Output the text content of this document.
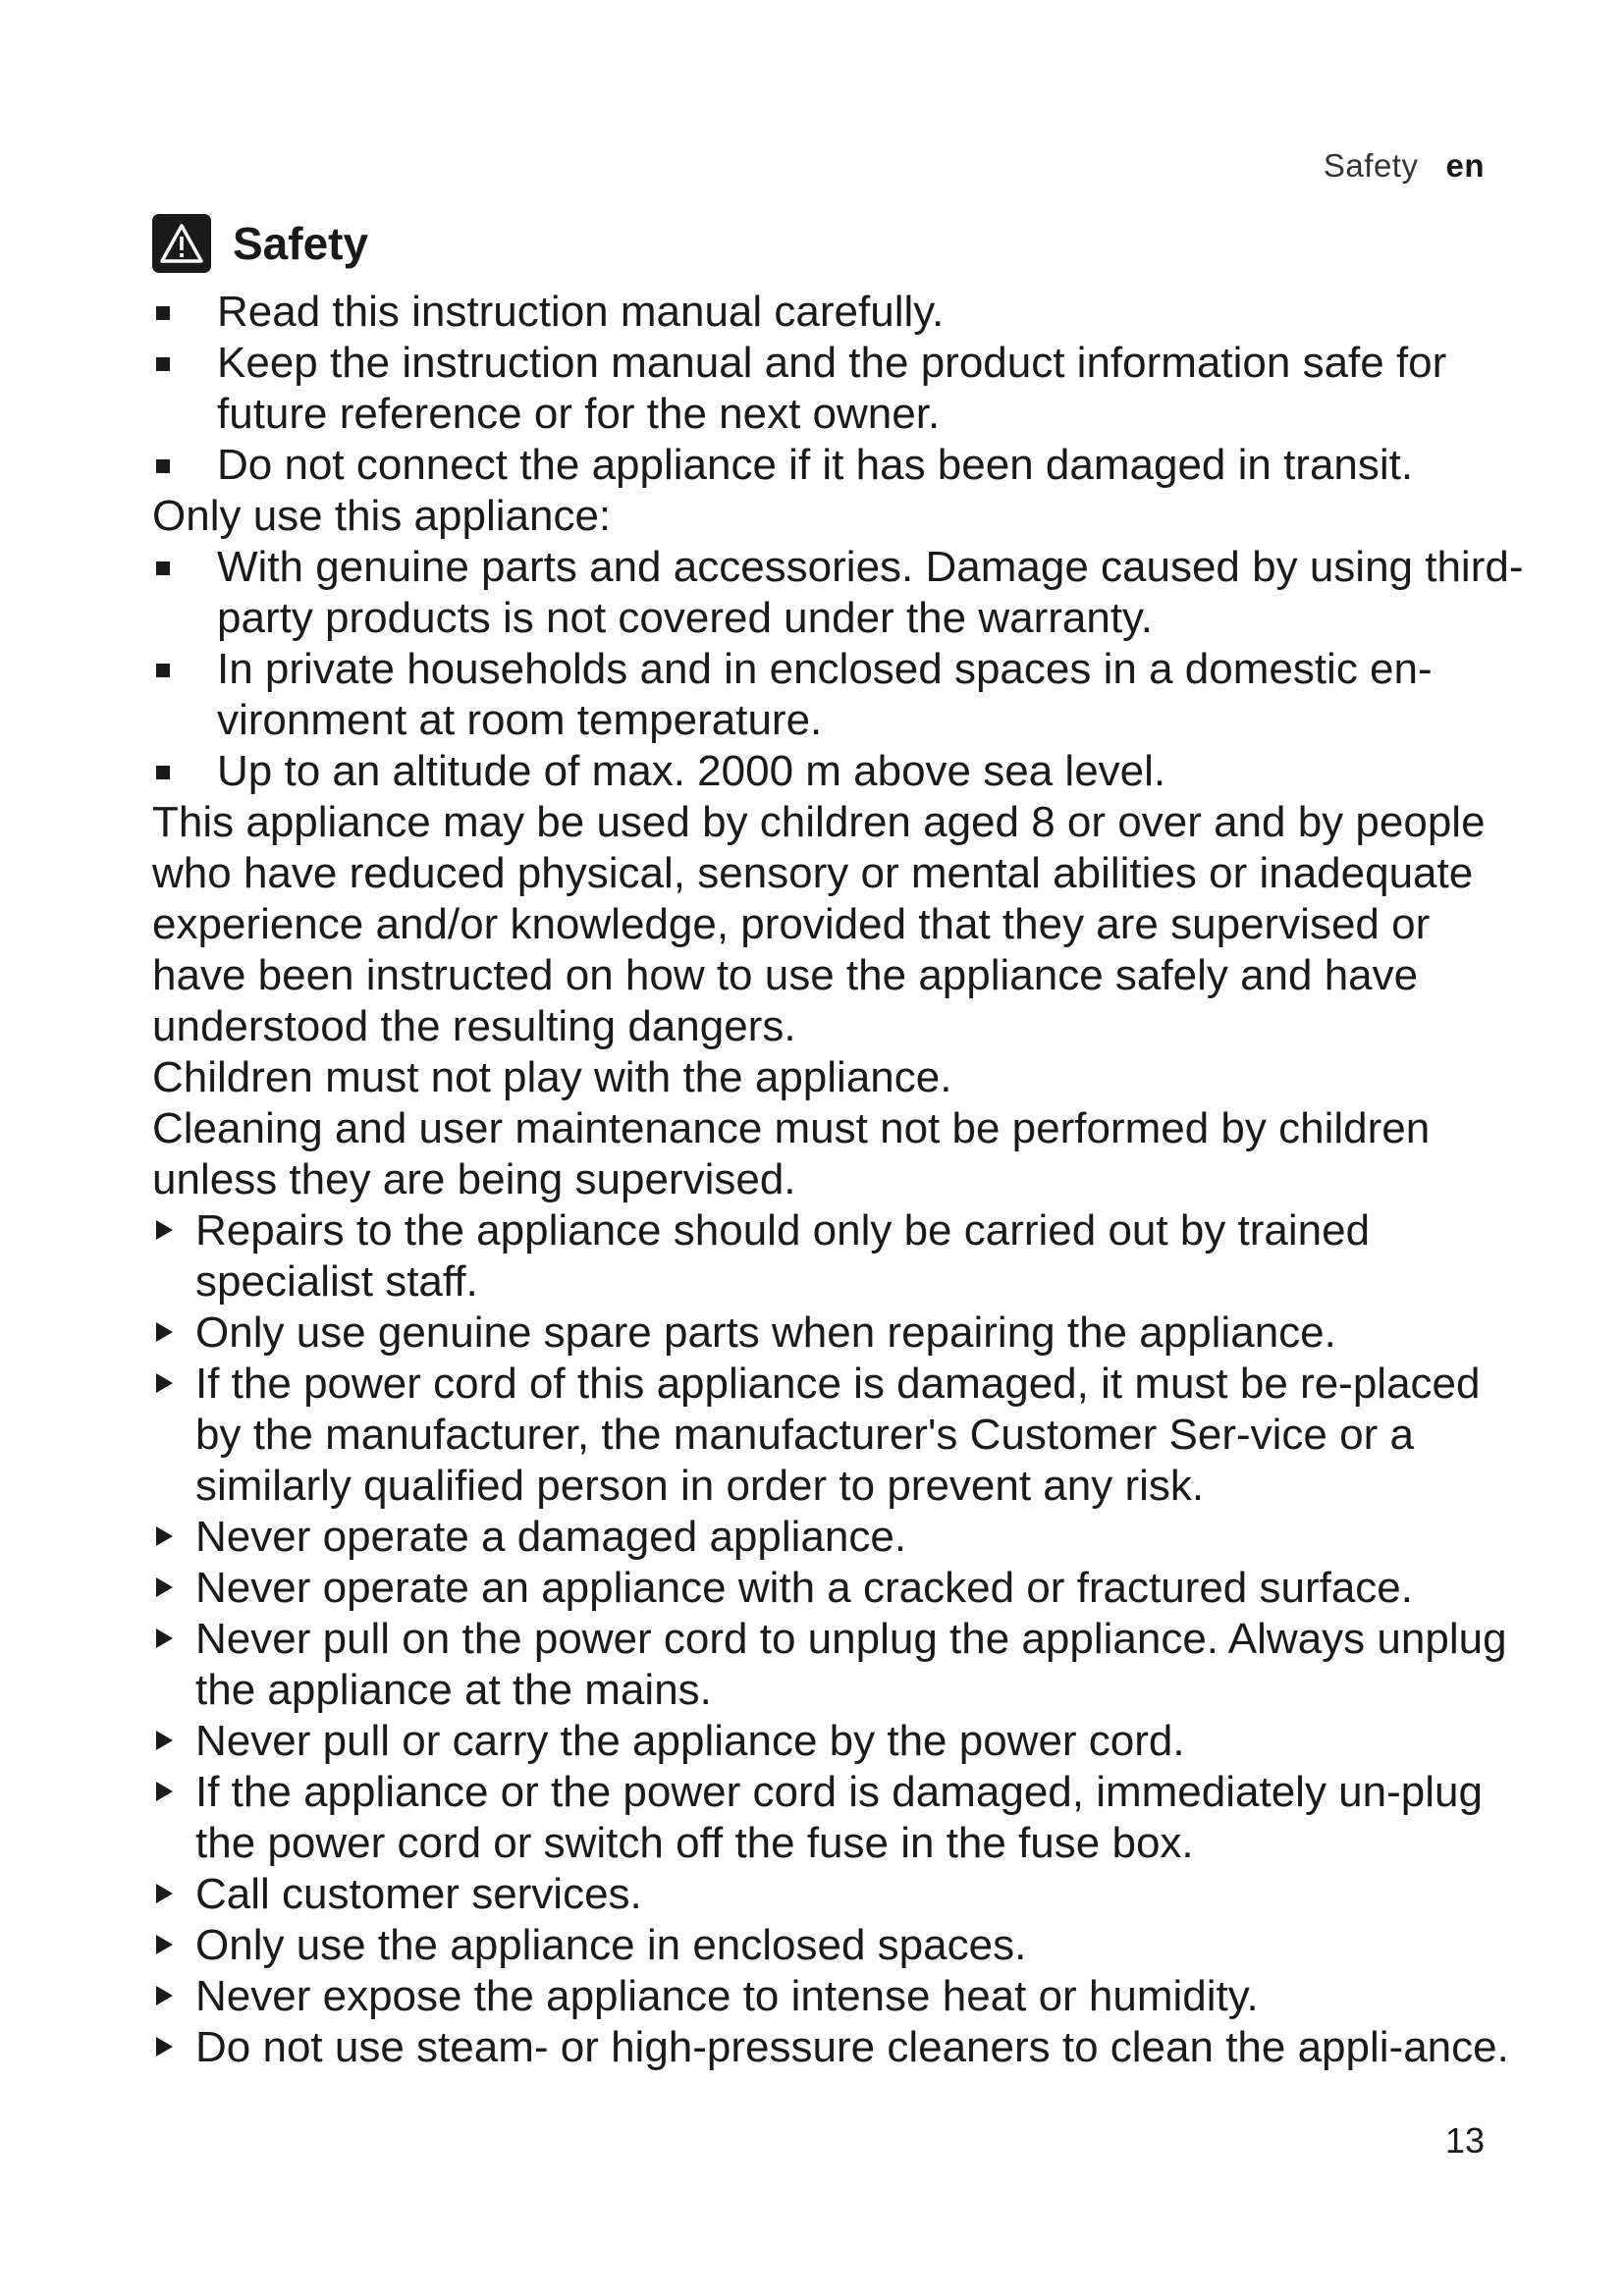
Safety en
Safety
Read this instruction manual carefully.
Keep the instruction manual and the product information safe for future reference or for the next owner.
Do not connect the appliance if it has been damaged in transit.

Only use this appliance:

With genuine parts and accessories. Damage caused by using third-party products is not covered under the warranty.
In private households and in enclosed spaces in a domestic en-vironment at room temperature.
Up to an altitude of max. 2000 m above sea level.

This appliance may be used by children aged 8 or over and by people who have reduced physical, sensory or mental abilities or inadequate experience and/or knowledge, provided that they are supervised or have been instructed on how to use the appliance safely and have understood the resulting dangers.

Children must not play with the appliance.

Cleaning and user maintenance must not be performed by children unless they are being supervised.

Repairs to the appliance should only be carried out by trained specialist staff.
Only use genuine spare parts when repairing the appliance.
If the power cord of this appliance is damaged, it must be re-placed by the manufacturer, the manufacturer's Customer Ser-vice or a similarly qualified person in order to prevent any risk.
Never operate a damaged appliance.
Never operate an appliance with a cracked or fractured surface.
Never pull on the power cord to unplug the appliance. Always unplug the appliance at the mains.
Never pull or carry the appliance by the power cord.
If the appliance or the power cord is damaged, immediately un-plug the power cord or switch off the fuse in the fuse box.
Call customer services.
Only use the appliance in enclosed spaces.
Never expose the appliance to intense heat or humidity.
Do not use steam- or high-pressure cleaners to clean the appli-ance.
13
